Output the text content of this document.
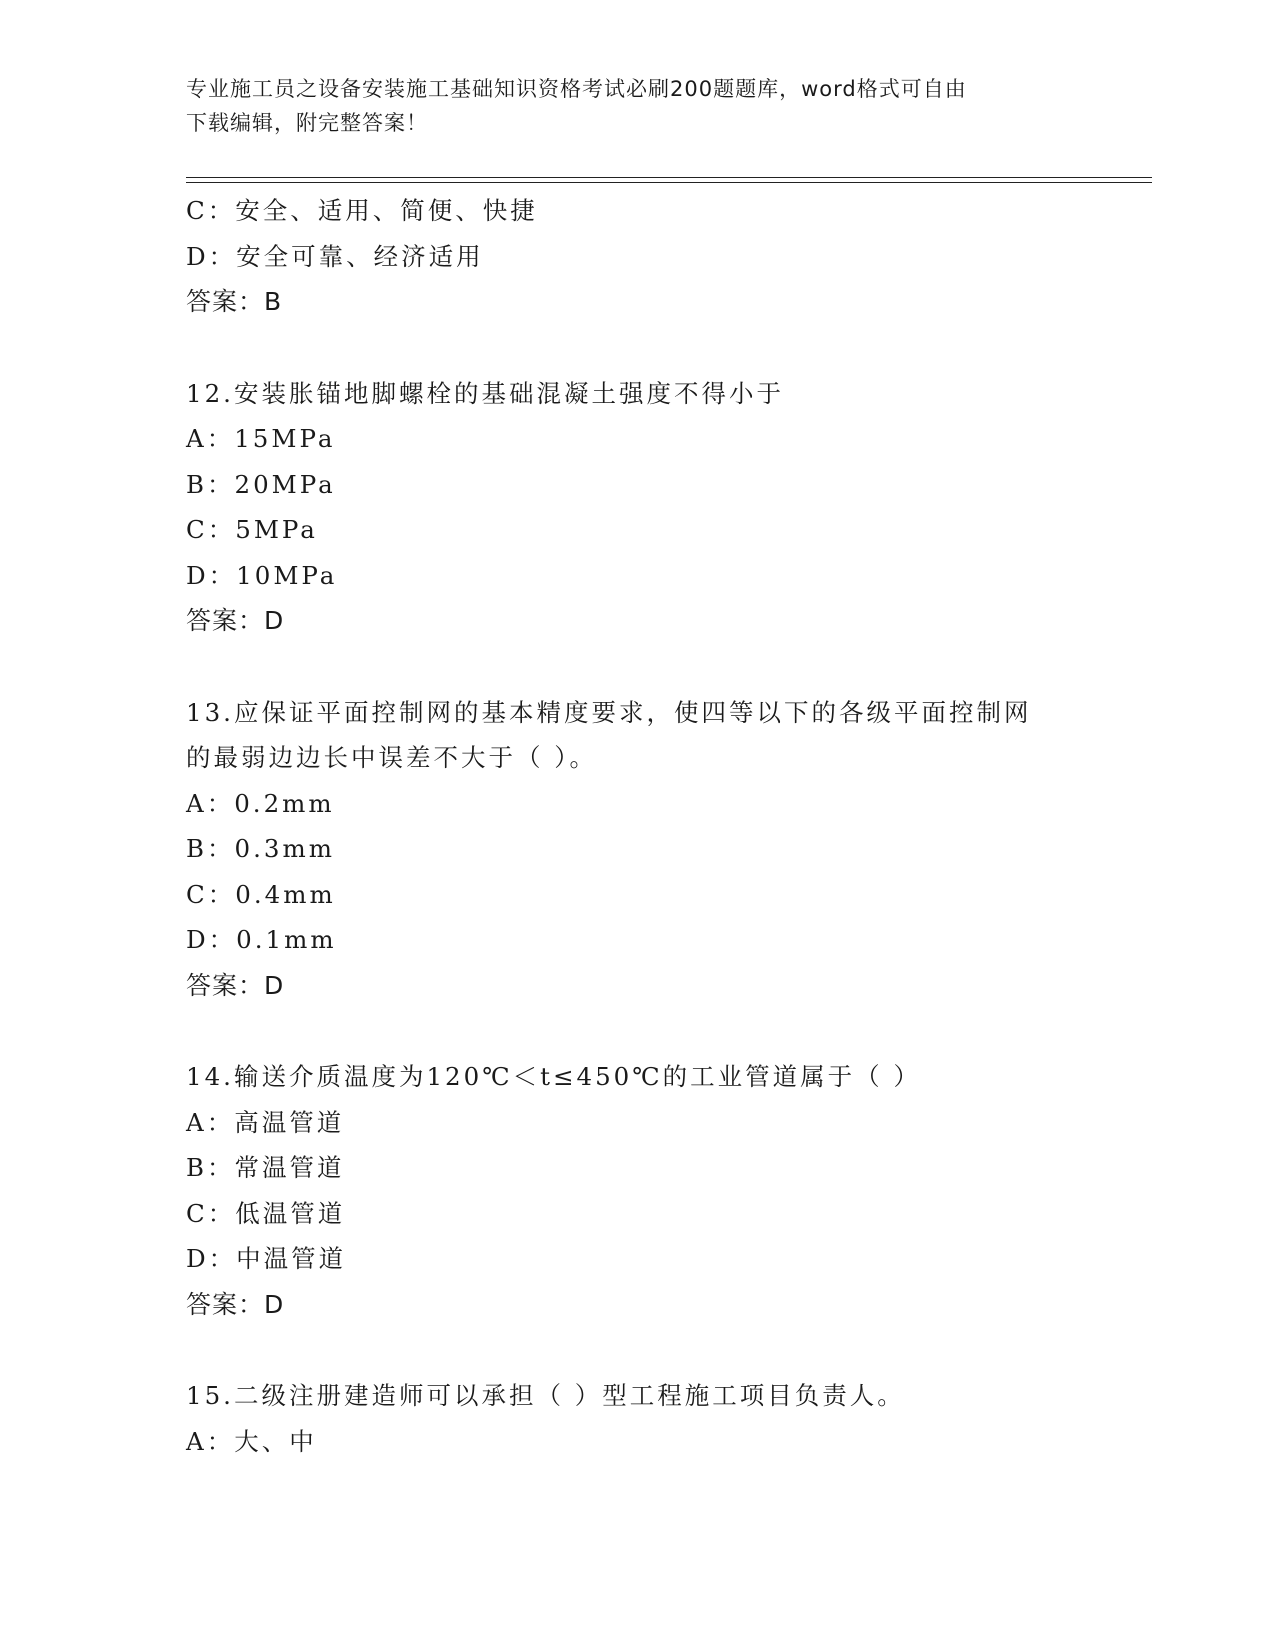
专业施工员之设备安装施工基础知识资格考试必刷200题题库，word格式可自由
下载编辑，附完整答案！
C：安全、适用、简便、快捷
D：安全可靠、经济适用
答案：B
12.安装胀锚地脚螺栓的基础混凝土强度不得小于
A：15MPa
B：20MPa
C：5MPa
D：10MPa
答案：D
13.应保证平面控制网的基本精度要求，使四等以下的各级平面控制网
的最弱边边长中误差不大于（ ）。
A：0.2mm
B：0.3mm
C：0.4mm
D：0.1mm
答案：D
14.输送介质温度为120℃＜t≤450℃的工业管道属于（ ）
A：高温管道
B：常温管道
C：低温管道
D：中温管道
答案：D
15.二级注册建造师可以承担（ ）型工程施工项目负责人。
A：大、中
